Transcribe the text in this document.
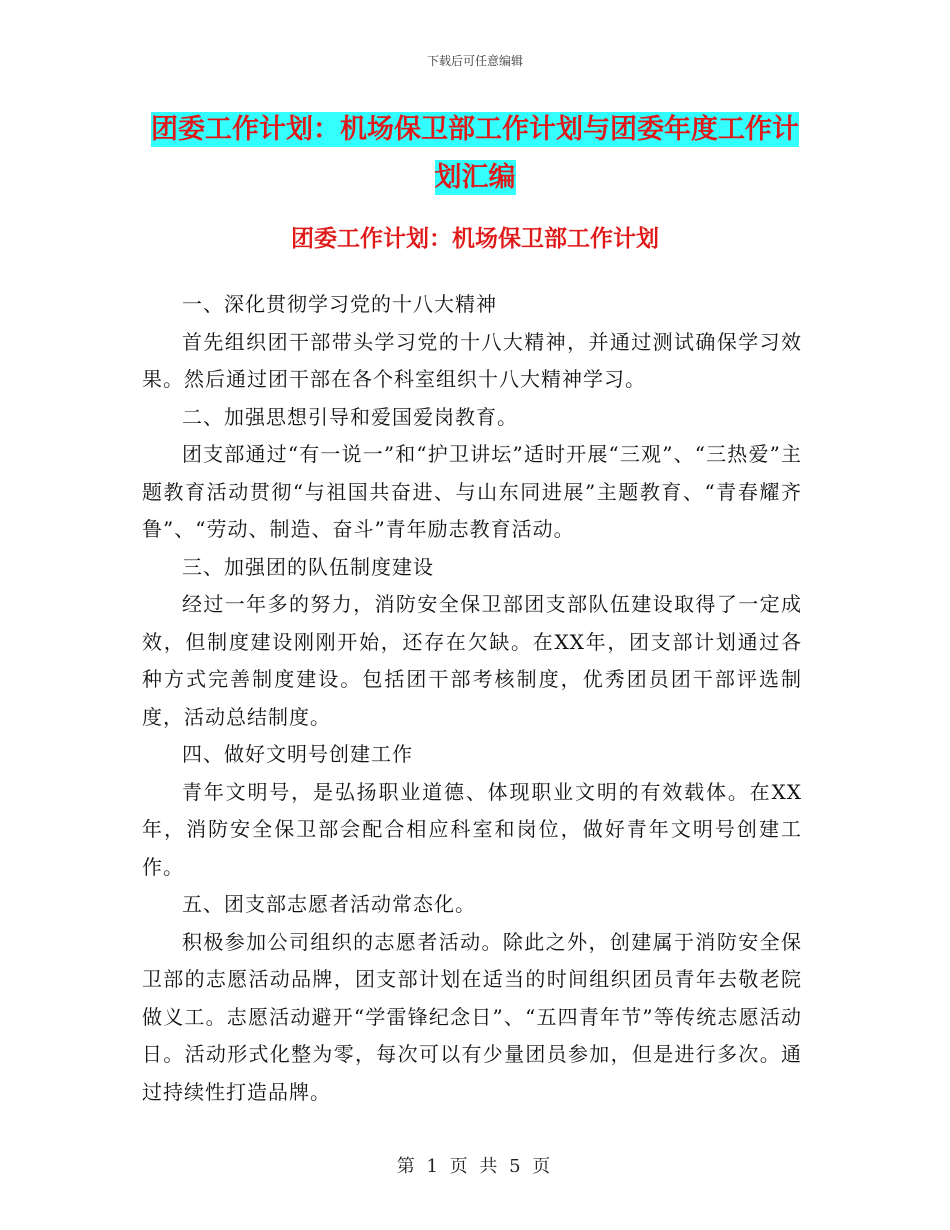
下载后可任意编辑
团委工作计划：机场保卫部工作计划与团委年度工作计划汇编
团委工作计划：机场保卫部工作计划

一、深化贯彻学习党的十八大精神

首先组织团干部带头学习党的十八大精神，并通过测试确保学习效果。然后通过团干部在各个科室组织十八大精神学习。

二、加强思想引导和爱国爱岗教育。

团支部通过“有一说一”和“护卫讲坛”适时开展“三观”、“三热爱”主题教育活动贯彻“与祖国共奋进、与山东同进展”主题教育、“青春耀齐鲁”、“劳动、制造、奋斗”青年励志教育活动。

三、加强团的队伍制度建设

经过一年多的努力，消防安全保卫部团支部队伍建设取得了一定成效，但制度建设刚刚开始，还存在欠缺。在XX年，团支部计划通过各种方式完善制度建设。包括团干部考核制度，优秀团员团干部评选制度，活动总结制度。

四、做好文明号创建工作

青年文明号，是弘扬职业道德、体现职业文明的有效载体。在XX年，消防安全保卫部会配合相应科室和岗位，做好青年文明号创建工作。

五、团支部志愿者活动常态化。

积极参加公司组织的志愿者活动。除此之外，创建属于消防安全保卫部的志愿活动品牌，团支部计划在适当的时间组织团员青年去敬老院做义工。志愿活动避开“学雷锋纪念日”、“五四青年节”等传统志愿活动日。活动形式化整为零，每次可以有少量团员参加，但是进行多次。通过持续性打造品牌。

第 1 页 共 5 页
